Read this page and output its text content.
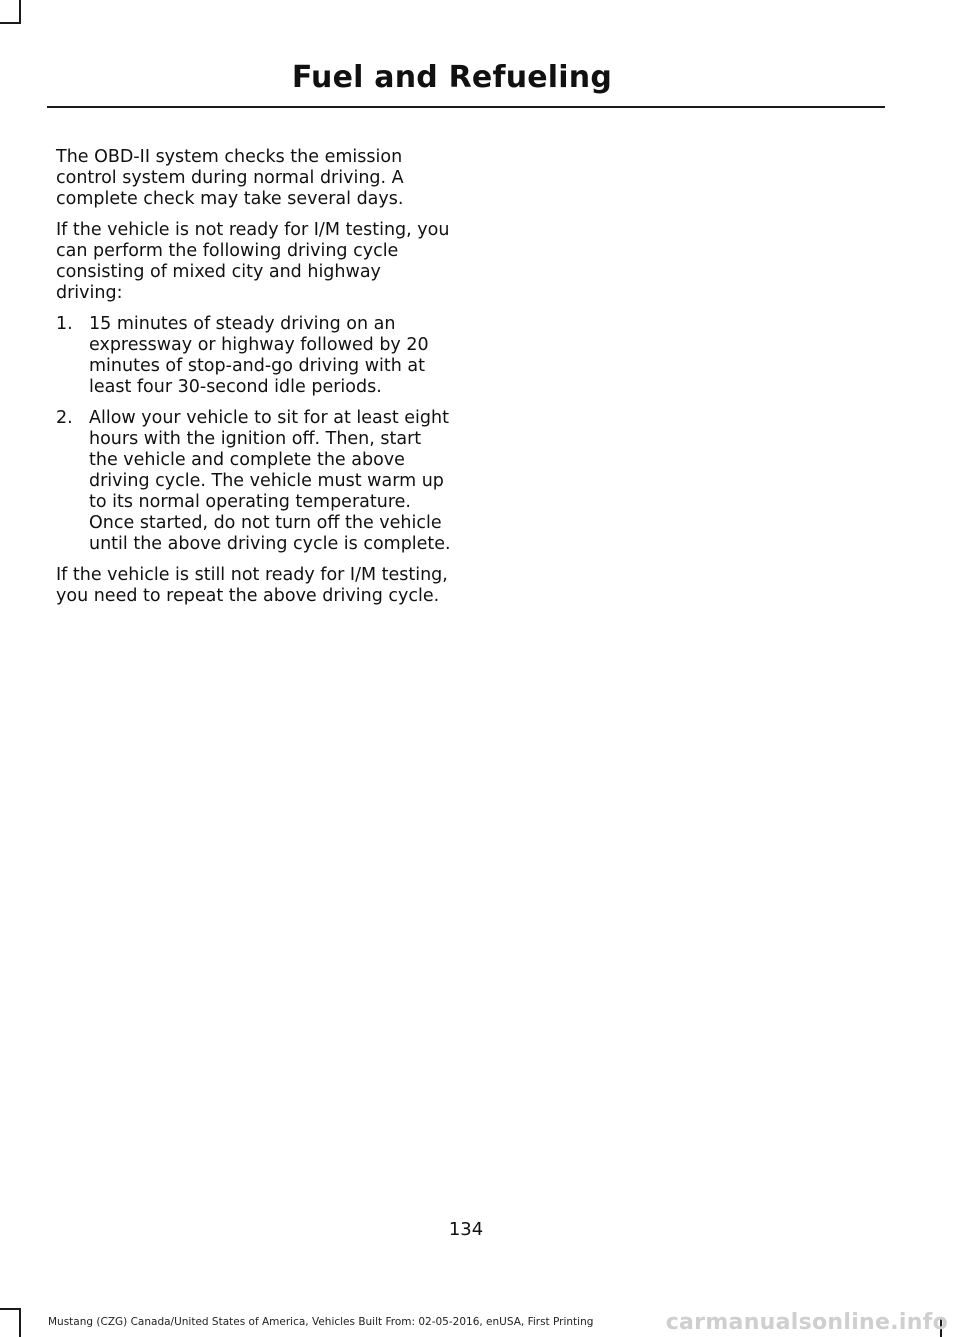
Fuel and Refueling

The OBD-II system checks the emission control system during normal driving. A complete check may take several days.

If the vehicle is not ready for I/M testing, you can perform the following driving cycle consisting of mixed city and highway driving:

1. 15 minutes of steady driving on an expressway or highway followed by 20 minutes of stop-and-go driving with at least four 30-second idle periods.
2. Allow your vehicle to sit for at least eight hours with the ignition off. Then, start the vehicle and complete the above driving cycle. The vehicle must warm up to its normal operating temperature. Once started, do not turn off the vehicle until the above driving cycle is complete.

If the vehicle is still not ready for I/M testing, you need to repeat the above driving cycle.

134
Mustang (CZG) Canada/United States of America, Vehicles Built From: 02-05-2016, enUSA, First Printing	carmanualsonline.info
